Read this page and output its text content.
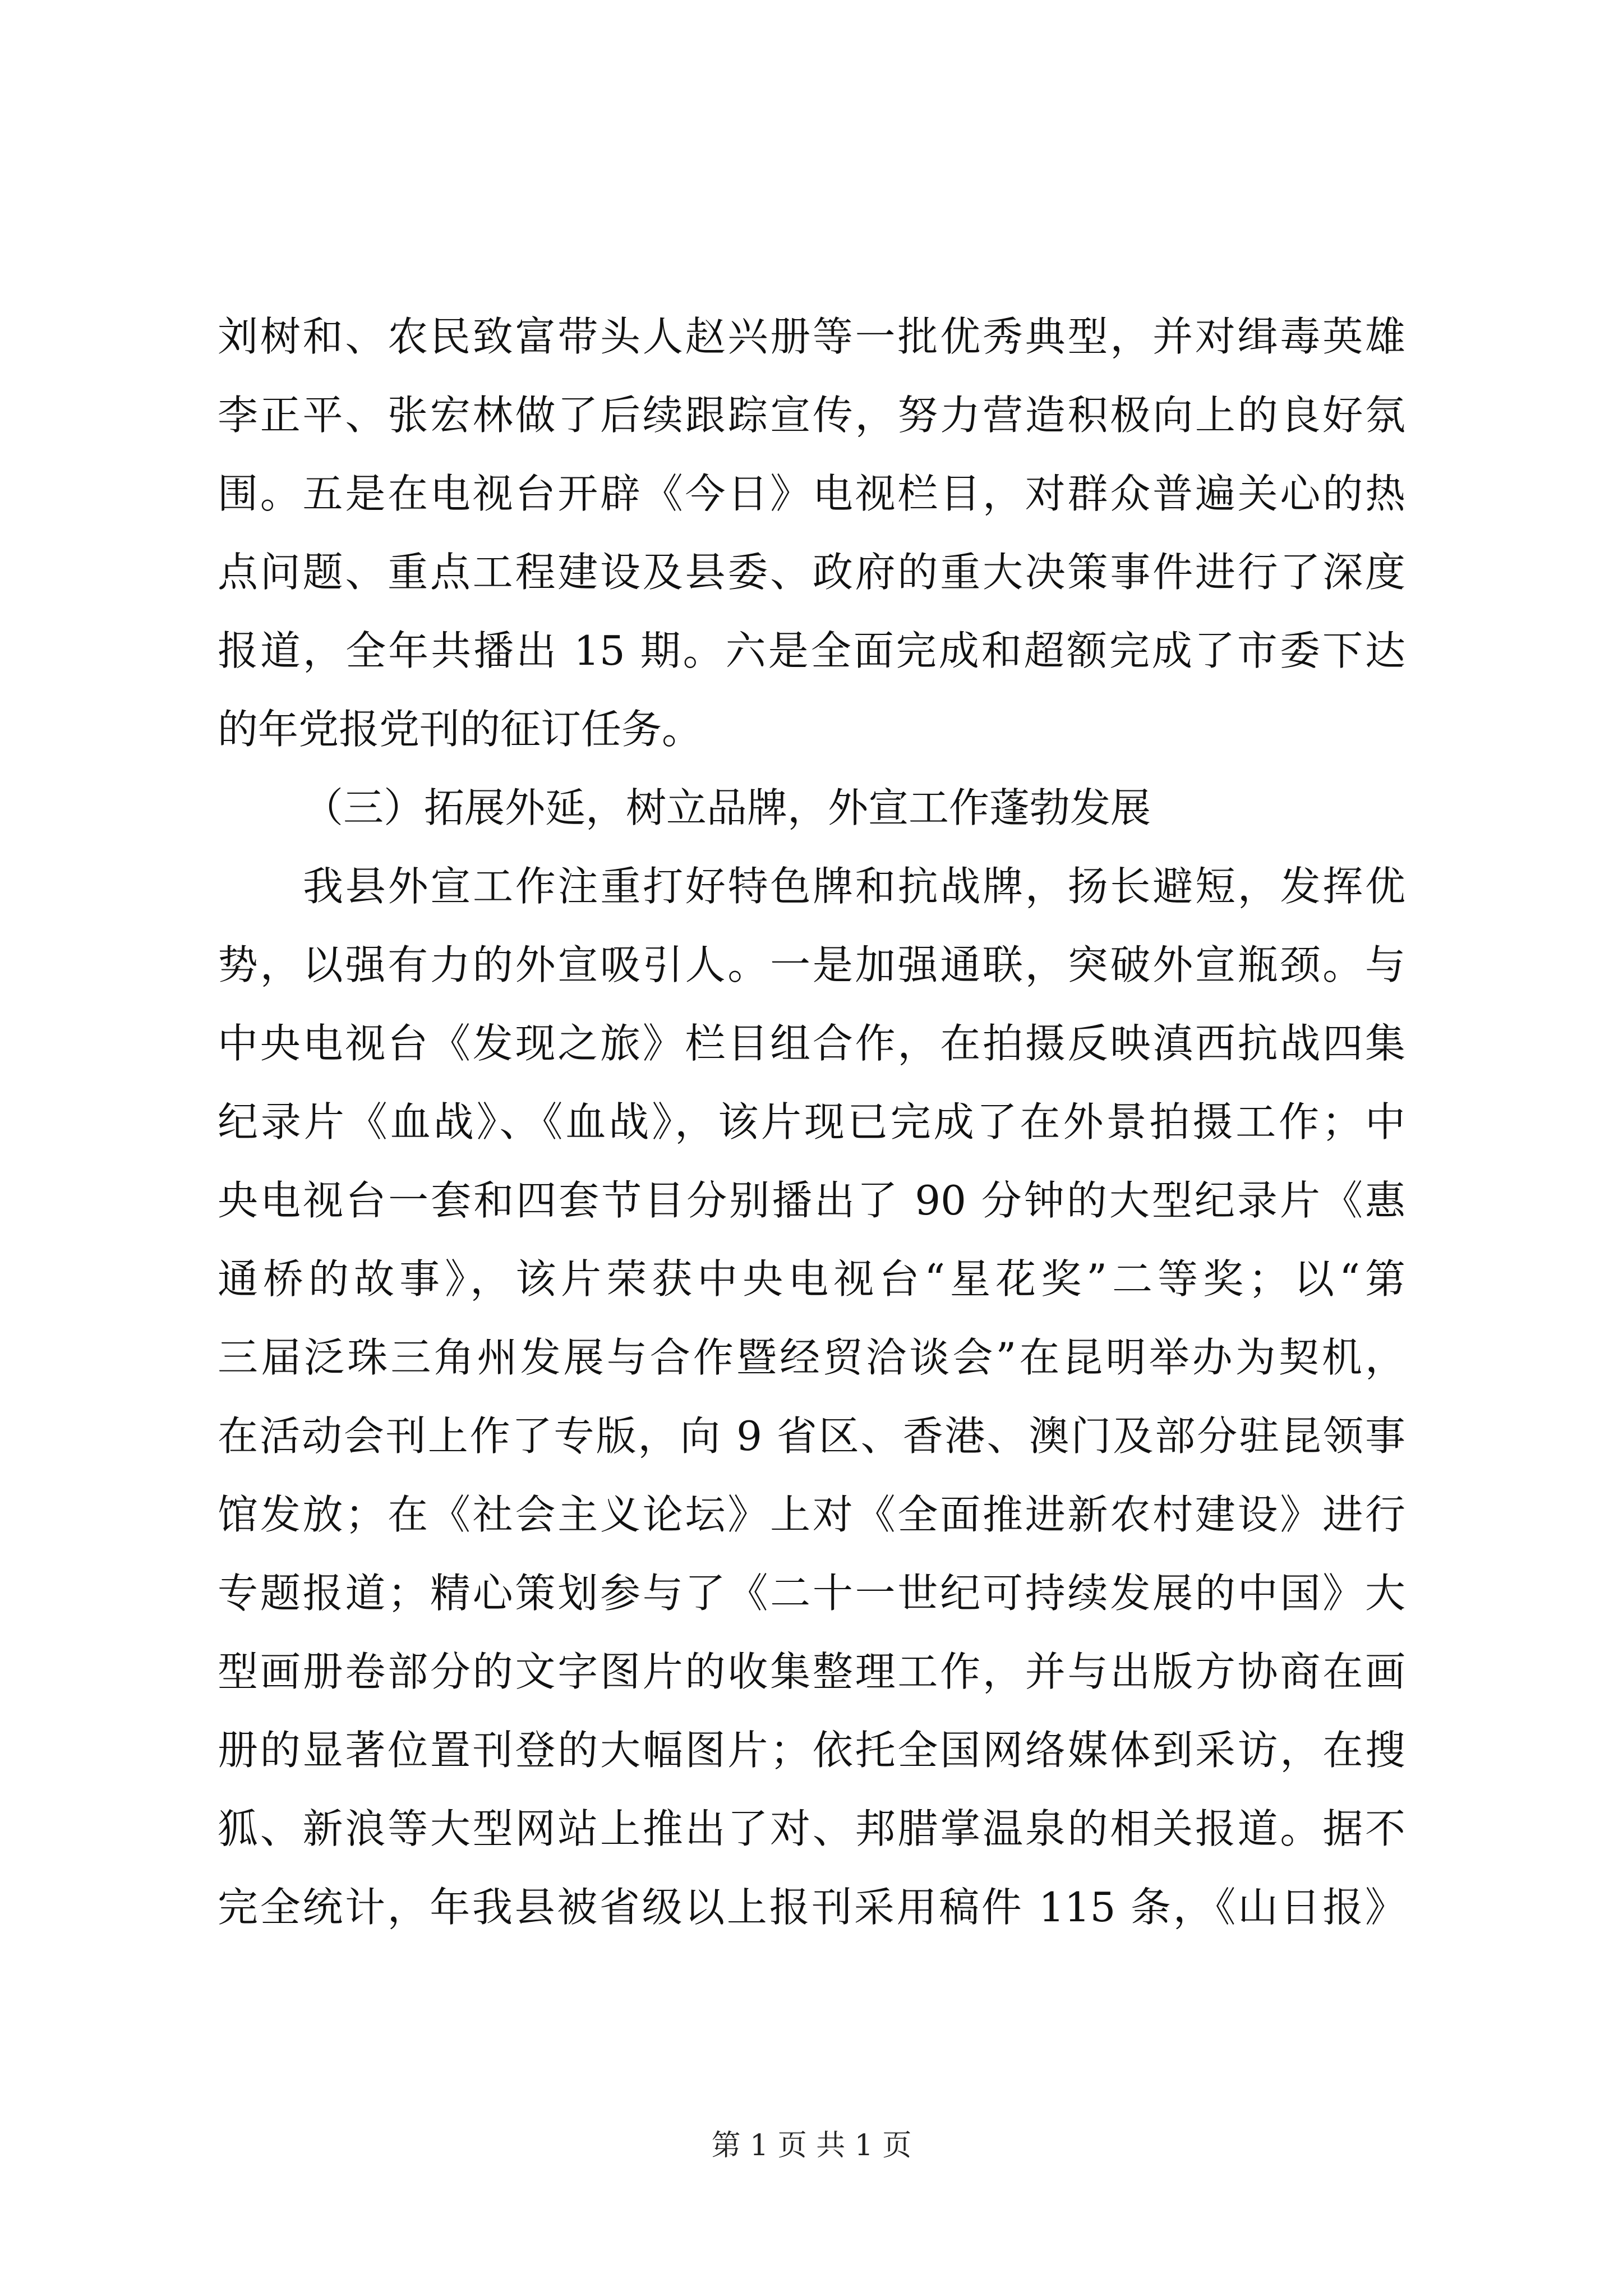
刘树和、农民致富带头人赵兴册等一批优秀典型，并对缉毒英雄
李正平、张宏林做了后续跟踪宣传，努力营造积极向上的良好氛
围。五是在电视台开辟《今日》电视栏目，对群众普遍关心的热
点问题、重点工程建设及县委、政府的重大决策事件进行了深度
报道，全年共播出 15 期。六是全面完成和超额完成了市委下达
的年党报党刊的征订任务。
（三）拓展外延，树立品牌，外宣工作蓬勃发展
我县外宣工作注重打好特色牌和抗战牌，扬长避短，发挥优
势，以强有力的外宣吸引人。一是加强通联，突破外宣瓶颈。与
中央电视台《发现之旅》栏目组合作，在拍摄反映滇西抗战四集
纪录片《血战》、《血战》，该片现已完成了在外景拍摄工作；中
央电视台一套和四套节目分别播出了 90 分钟的大型纪录片《惠
通桥的故事》，该片荣获中央电视台“星花奖”二等奖；以“第
三届泛珠三角州发展与合作暨经贸洽谈会”在昆明举办为契机，
在活动会刊上作了专版，向 9 省区、香港、澳门及部分驻昆领事
馆发放；在《社会主义论坛》上对《全面推进新农村建设》进行
专题报道；精心策划参与了《二十一世纪可持续发展的中国》大
型画册卷部分的文字图片的收集整理工作，并与出版方协商在画
册的显著位置刊登的大幅图片；依托全国网络媒体到采访，在搜
狐、新浪等大型网站上推出了对、邦腊掌温泉的相关报道。据不
完全统计，年我县被省级以上报刊采用稿件 115 条，《山日报》
第 1 页 共 1 页
